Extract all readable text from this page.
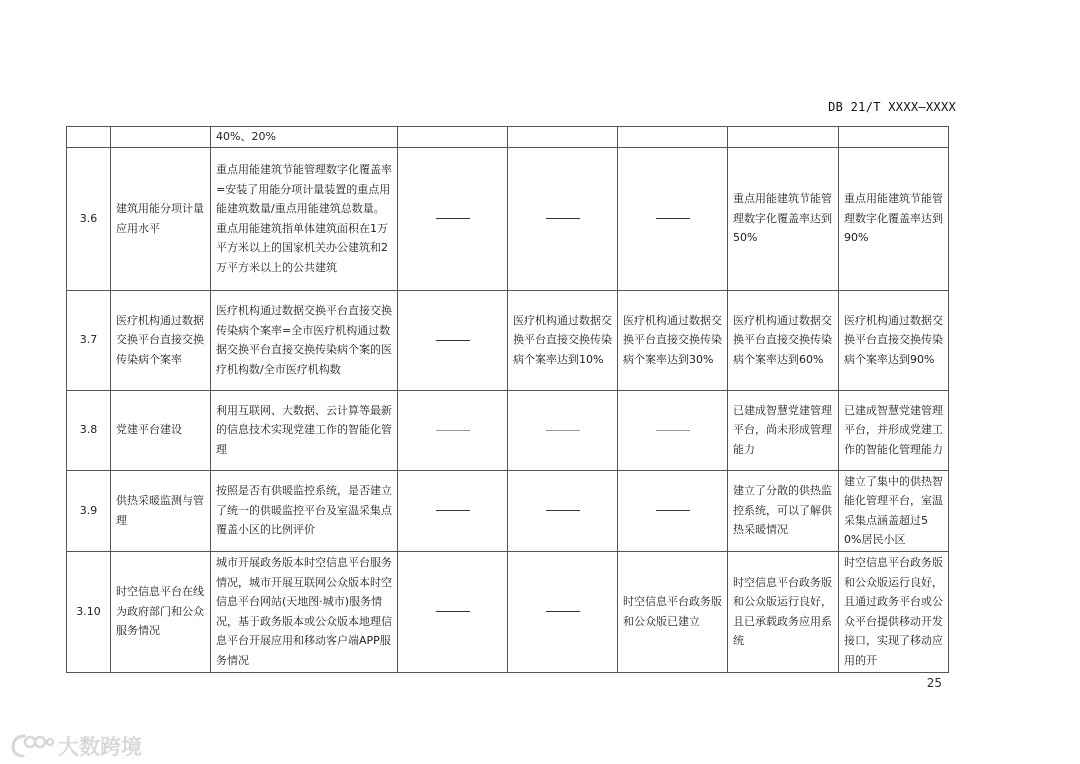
DB 21/T XXXX—XXXX
		40%、20%					
3.6	建筑用能分项计量应用水平	重点用能建筑节能管理数字化覆盖率=安装了用能分项计量装置的重点用能建筑数量/重点用能建筑总数量。重点用能建筑指单体建筑面积在1万平方米以上的国家机关办公建筑和2万平方米以上的公共建筑				重点用能建筑节能管理数字化覆盖率达到50%	重点用能建筑节能管理数字化覆盖率达到90%
3.7	医疗机构通过数据交换平台直接交换传染病个案率	医疗机构通过数据交换平台直接交换传染病个案率=全市医疗机构通过数据交换平台直接交换传染病个案的医疗机构数/全市医疗机构数		医疗机构通过数据交换平台直接交换传染病个案率达到10%	医疗机构通过数据交换平台直接交换传染病个案率达到30%	医疗机构通过数据交换平台直接交换传染病个案率达到60%	医疗机构通过数据交换平台直接交换传染病个案率达到90%
3.8	党建平台建设	利用互联网、大数据、云计算等最新的信息技术实现党建工作的智能化管理				已建成智慧党建管理平台，尚未形成管理能力	已建成智慧党建管理平台，并形成党建工作的智能化管理能力
3.9	供热采暖监测与管理	按照是否有供暖监控系统，是否建立了统一的供暖监控平台及室温采集点覆盖小区的比例评价				建立了分散的供热监控系统，可以了解供热采暖情况	建立了集中的供热智能化管理平台，室温采集点涵盖超过50%居民小区
3.10	时空信息平台在线为政府部门和公众服务情况	城市开展政务版本时空信息平台服务情况，城市开展互联网公众版本时空信息平台网站(天地图·城市)服务情况，基于政务版本或公众版本地理信息平台开展应用和移动客户端APP服务情况			时空信息平台政务版和公众版已建立	时空信息平台政务版和公众版运行良好，且已承载政务应用系统	时空信息平台政务版和公众版运行良好，且通过政务平台或公众平台提供移动开发接口，实现了移动应用的开
25
大数跨境
